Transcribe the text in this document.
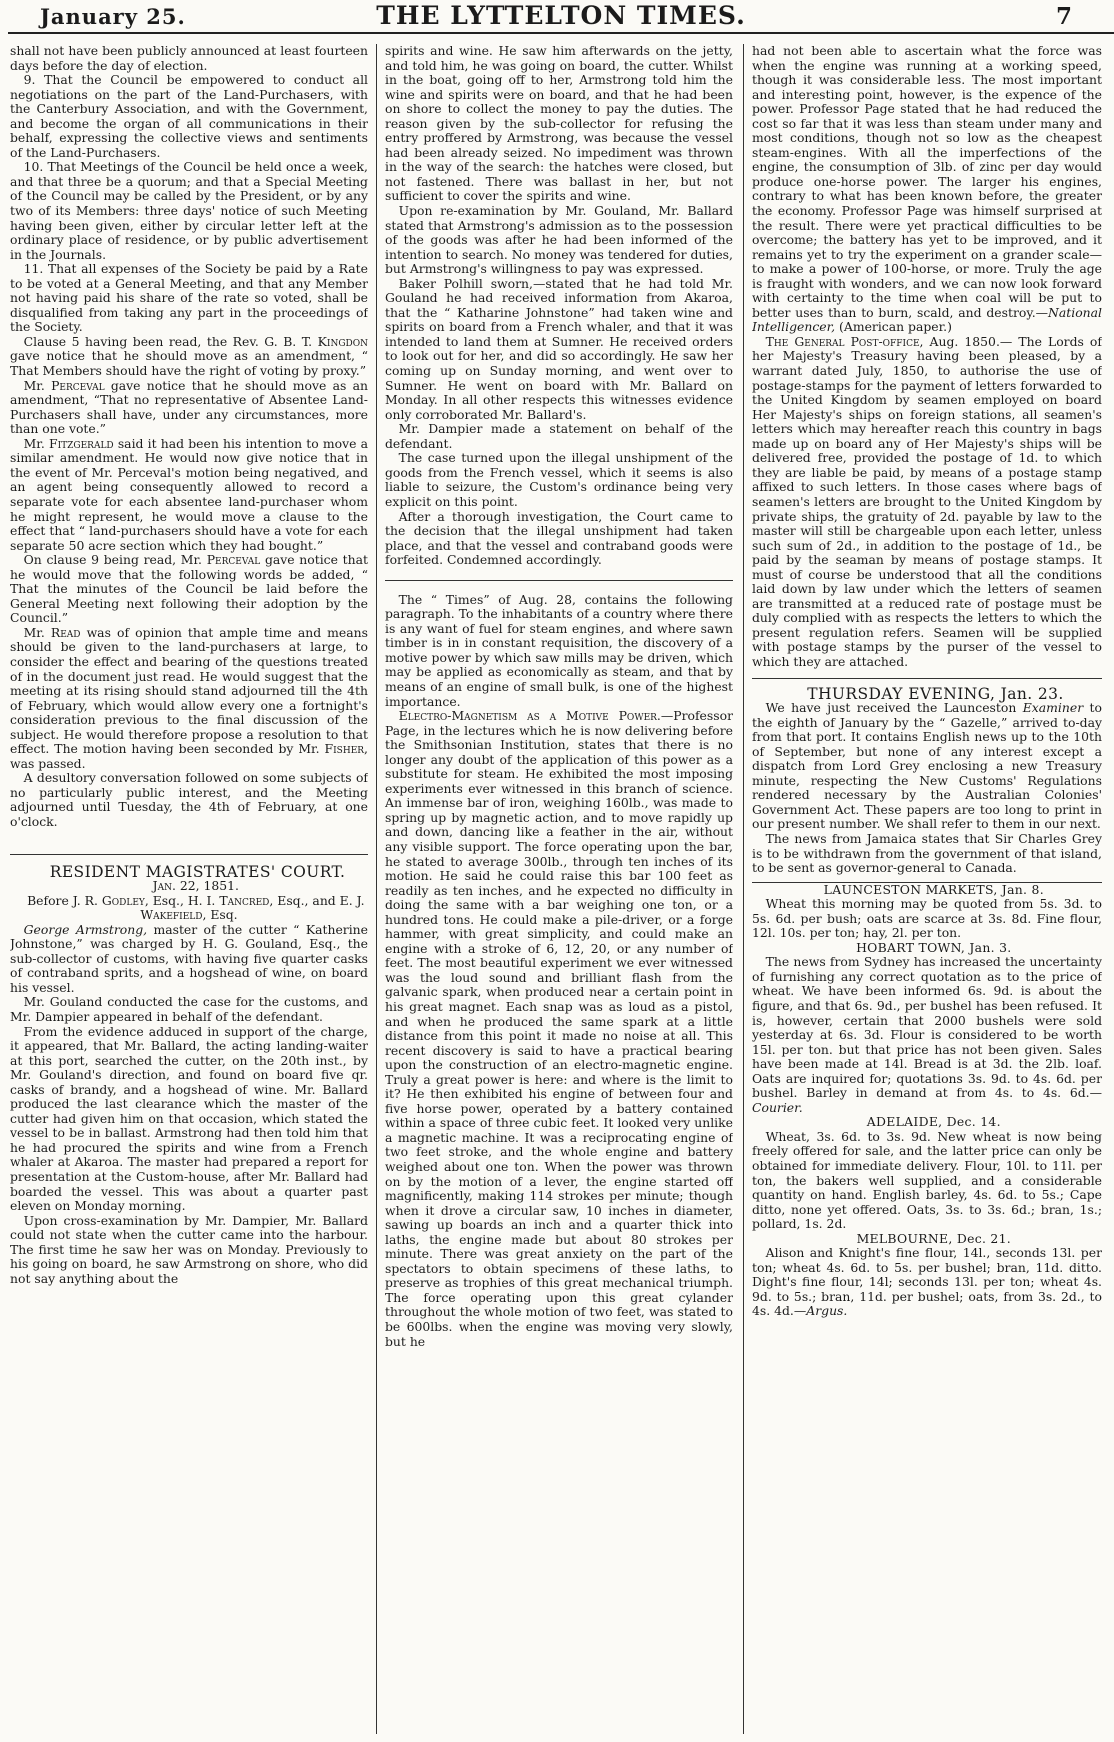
January 25.	THE LYTTELTON TIMES.	7

shall not have been publicly announced at least fourteen days before the day of election.

9. That the Council be empowered to conduct all negotiations on the part of the Land-Purchasers, with the Canterbury Association, and with the Government, and become the organ of all communications in their behalf, expressing the collective views and sentiments of the Land-Purchasers.

10. That Meetings of the Council be held once a week, and that three be a quorum; and that a Special Meeting of the Council may be called by the President, or by any two of its Members: three days' notice of such Meeting having been given, either by circular letter left at the ordinary place of residence, or by public advertisement in the Journals.

11. That all expenses of the Society be paid by a Rate to be voted at a General Meeting, and that any Member not having paid his share of the rate so voted, shall be disqualified from taking any part in the proceedings of the Society.

Clause 5 having been read, the Rev. G. B. T. Kingdon gave notice that he should move as an amendment, “ That Members should have the right of voting by proxy.”

Mr. Perceval gave notice that he should move as an amendment, “That no representative of Absentee Land-Purchasers shall have, under any circumstances, more than one vote.”

Mr. Fitzgerald said it had been his intention to move a similar amendment. He would now give notice that in the event of Mr. Perceval's motion being negatived, and an agent being consequently allowed to record a separate vote for each absentee land-purchaser whom he might represent, he would move a clause to the effect that “ land-purchasers should have a vote for each separate 50 acre section which they had bought.”

On clause 9 being read, Mr. Perceval gave notice that he would move that the following words be added, “ That the minutes of the Council be laid before the General Meeting next following their adoption by the Council.”

Mr. Read was of opinion that ample time and means should be given to the land-purchasers at large, to consider the effect and bearing of the questions treated of in the document just read. He would suggest that the meeting at its rising should stand adjourned till the 4th of February, which would allow every one a fortnight's consideration previous to the final discussion of the subject. He would therefore propose a resolution to that effect. The motion having been seconded by Mr. Fisher, was passed.

A desultory conversation followed on some subjects of no particularly public interest, and the Meeting adjourned until Tuesday, the 4th of February, at one o'clock.

RESIDENT MAGISTRATES' COURT.

Jan. 22, 1851.

Before J. R. Godley, Esq., H. I. Tancred, Esq., and E. J. Wakefield, Esq.

George Armstrong, master of the cutter “ Katherine Johnstone,” was charged by H. G. Gouland, Esq., the sub-collector of customs, with having five quarter casks of contraband sprits, and a hogshead of wine, on board his vessel.

Mr. Gouland conducted the case for the customs, and Mr. Dampier appeared in behalf of the defendant.

From the evidence adduced in support of the charge, it appeared, that Mr. Ballard, the acting landing-waiter at this port, searched the cutter, on the 20th inst., by Mr. Gouland's direction, and found on board five qr. casks of brandy, and a hogshead of wine. Mr. Ballard produced the last clearance which the master of the cutter had given him on that occasion, which stated the vessel to be in ballast. Armstrong had then told him that he had procured the spirits and wine from a French whaler at Akaroa. The master had prepared a report for presentation at the Custom-house, after Mr. Ballard had boarded the vessel. This was about a quarter past eleven on Monday morning.

Upon cross-examination by Mr. Dampier, Mr. Ballard could not state when the cutter came into the harbour. The first time he saw her was on Monday. Previously to his going on board, he saw Armstrong on shore, who did not say anything about the

spirits and wine. He saw him afterwards on the jetty, and told him, he was going on board, the cutter. Whilst in the boat, going off to her, Armstrong told him the wine and spirits were on board, and that he had been on shore to collect the money to pay the duties. The reason given by the sub-collector for refusing the entry proffered by Armstrong, was because the vessel had been already seized. No impediment was thrown in the way of the search: the hatches were closed, but not fastened. There was ballast in her, but not sufficient to cover the spirits and wine.

Upon re-examination by Mr. Gouland, Mr. Ballard stated that Armstrong's admission as to the possession of the goods was after he had been informed of the intention to search. No money was tendered for duties, but Armstrong's willingness to pay was expressed.

Baker Polhill sworn,—stated that he had told Mr. Gouland he had received information from Akaroa, that the “ Katharine Johnstone” had taken wine and spirits on board from a French whaler, and that it was intended to land them at Sumner. He received orders to look out for her, and did so accordingly. He saw her coming up on Sunday morning, and went over to Sumner. He went on board with Mr. Ballard on Monday. In all other respects this witnesses evidence only corroborated Mr. Ballard's.

Mr. Dampier made a statement on behalf of the defendant.

The case turned upon the illegal unshipment of the goods from the French vessel, which it seems is also liable to seizure, the Custom's ordinance being very explicit on this point.

After a thorough investigation, the Court came to the decision that the illegal unshipment had taken place, and that the vessel and contraband goods were forfeited. Condemned accordingly.

The “ Times” of Aug. 28, contains the following paragraph. To the inhabitants of a country where there is any want of fuel for steam engines, and where sawn timber is in in constant requisition, the discovery of a motive power by which saw mills may be driven, which may be applied as economically as steam, and that by means of an engine of small bulk, is one of the highest importance.

Electro-Magnetism as a Motive Power.—Professor Page, in the lectures which he is now delivering before the Smithsonian Institution, states that there is no longer any doubt of the application of this power as a substitute for steam. He exhibited the most imposing experiments ever witnessed in this branch of science. An immense bar of iron, weighing 160lb., was made to spring up by magnetic action, and to move rapidly up and down, dancing like a feather in the air, without any visible support. The force operating upon the bar, he stated to average 300lb., through ten inches of its motion. He said he could raise this bar 100 feet as readily as ten inches, and he expected no difficulty in doing the same with a bar weighing one ton, or a hundred tons. He could make a pile-driver, or a forge hammer, with great simplicity, and could make an engine with a stroke of 6, 12, 20, or any number of feet. The most beautiful experiment we ever witnessed was the loud sound and brilliant flash from the galvanic spark, when produced near a certain point in his great magnet. Each snap was as loud as a pistol, and when he produced the same spark at a little distance from this point it made no noise at all. This recent discovery is said to have a practical bearing upon the construction of an electro-magnetic engine. Truly a great power is here: and where is the limit to it? He then exhibited his engine of between four and five horse power, operated by a battery contained within a space of three cubic feet. It looked very unlike a magnetic machine. It was a reciprocating engine of two feet stroke, and the whole engine and battery weighed about one ton. When the power was thrown on by the motion of a lever, the engine started off magnificently, making 114 strokes per minute; though when it drove a circular saw, 10 inches in diameter, sawing up boards an inch and a quarter thick into laths, the engine made but about 80 strokes per minute. There was great anxiety on the part of the spectators to obtain specimens of these laths, to preserve as trophies of this great mechanical triumph. The force operating upon this great cylander throughout the whole motion of two feet, was stated to be 600lbs. when the engine was moving very slowly, but he

had not been able to ascertain what the force was when the engine was running at a working speed, though it was considerable less. The most important and interesting point, however, is the expence of the power. Professor Page stated that he had reduced the cost so far that it was less than steam under many and most conditions, though not so low as the cheapest steam-engines. With all the imperfections of the engine, the consumption of 3lb. of zinc per day would produce one-horse power. The larger his engines, contrary to what has been known before, the greater the economy. Professor Page was himself surprised at the result. There were yet practical difficulties to be overcome; the battery has yet to be improved, and it remains yet to try the experiment on a grander scale—to make a power of 100-horse, or more. Truly the age is fraught with wonders, and we can now look forward with certainty to the time when coal will be put to better uses than to burn, scald, and destroy.—National Intelligencer, (American paper.)

The General Post-office, Aug. 1850.— The Lords of her Majesty's Treasury having been pleased, by a warrant dated July, 1850, to authorise the use of postage-stamps for the payment of letters forwarded to the United Kingdom by seamen employed on board Her Majesty's ships on foreign stations, all seamen's letters which may hereafter reach this country in bags made up on board any of Her Majesty's ships will be delivered free, provided the postage of 1d. to which they are liable be paid, by means of a postage stamp affixed to such letters. In those cases where bags of seamen's letters are brought to the United Kingdom by private ships, the gratuity of 2d. payable by law to the master will still be chargeable upon each letter, unless such sum of 2d., in addition to the postage of 1d., be paid by the seaman by means of postage stamps. It must of course be understood that all the conditions laid down by law under which the letters of seamen are transmitted at a reduced rate of postage must be duly complied with as respects the letters to which the present regulation refers. Seamen will be supplied with postage stamps by the purser of the vessel to which they are attached.

THURSDAY EVENING, Jan. 23.

We have just received the Launceston Examiner to the eighth of January by the “ Gazelle,” arrived to-day from that port. It contains English news up to the 10th of September, but none of any interest except a dispatch from Lord Grey enclosing a new Treasury minute, respecting the New Customs' Regulations rendered necessary by the Australian Colonies' Government Act. These papers are too long to print in our present number. We shall refer to them in our next.

The news from Jamaica states that Sir Charles Grey is to be withdrawn from the government of that island, to be sent as governor-general to Canada.

LAUNCESTON MARKETS, Jan. 8.

Wheat this morning may be quoted from 5s. 3d. to 5s. 6d. per bush; oats are scarce at 3s. 8d. Fine flour, 12l. 10s. per ton; hay, 2l. per ton.

HOBART TOWN, Jan. 3.

The news from Sydney has increased the uncertainty of furnishing any correct quotation as to the price of wheat. We have been informed 6s. 9d. is about the figure, and that 6s. 9d., per bushel has been refused. It is, however, certain that 2000 bushels were sold yesterday at 6s. 3d. Flour is considered to be worth 15l. per ton. but that price has not been given. Sales have been made at 14l. Bread is at 3d. the 2lb. loaf. Oats are inquired for; quotations 3s. 9d. to 4s. 6d. per bushel. Barley in demand at from 4s. to 4s. 6d.—Courier.

ADELAIDE, Dec. 14.

Wheat, 3s. 6d. to 3s. 9d. New wheat is now being freely offered for sale, and the latter price can only be obtained for immediate delivery. Flour, 10l. to 11l. per ton, the bakers well supplied, and a considerable quantity on hand. English barley, 4s. 6d. to 5s.; Cape ditto, none yet offered. Oats, 3s. to 3s. 6d.; bran, 1s.; pollard, 1s. 2d.

MELBOURNE, Dec. 21.

Alison and Knight's fine flour, 14l., seconds 13l. per ton; wheat 4s. 6d. to 5s. per bushel; bran, 11d. ditto. Dight's fine flour, 14l; seconds 13l. per ton; wheat 4s. 9d. to 5s.; bran, 11d. per bushel; oats, from 3s. 2d., to 4s. 4d.—Argus.
